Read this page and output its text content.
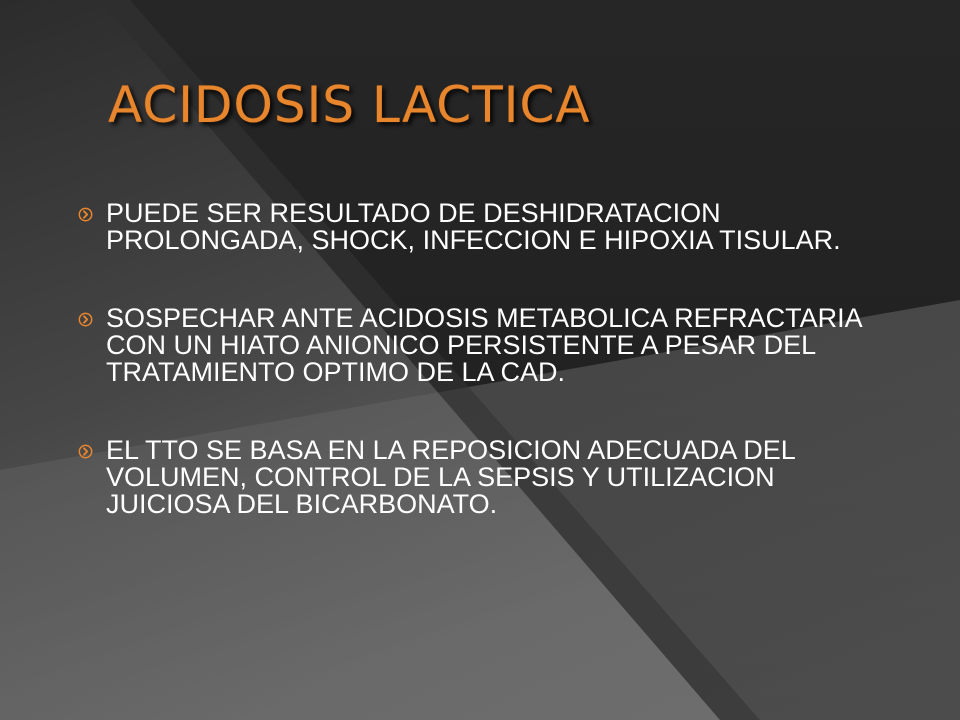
ACIDOSIS LACTICA
PUEDE SER RESULTADO DE DESHIDRATACION PROLONGADA, SHOCK, INFECCION E HIPOXIA TISULAR.
SOSPECHAR ANTE ACIDOSIS METABOLICA REFRACTARIA CON UN HIATO ANIONICO PERSISTENTE A PESAR DEL TRATAMIENTO OPTIMO DE LA CAD.
EL TTO SE BASA EN LA REPOSICION ADECUADA DEL VOLUMEN, CONTROL DE LA SEPSIS Y UTILIZACION JUICIOSA DEL BICARBONATO.
